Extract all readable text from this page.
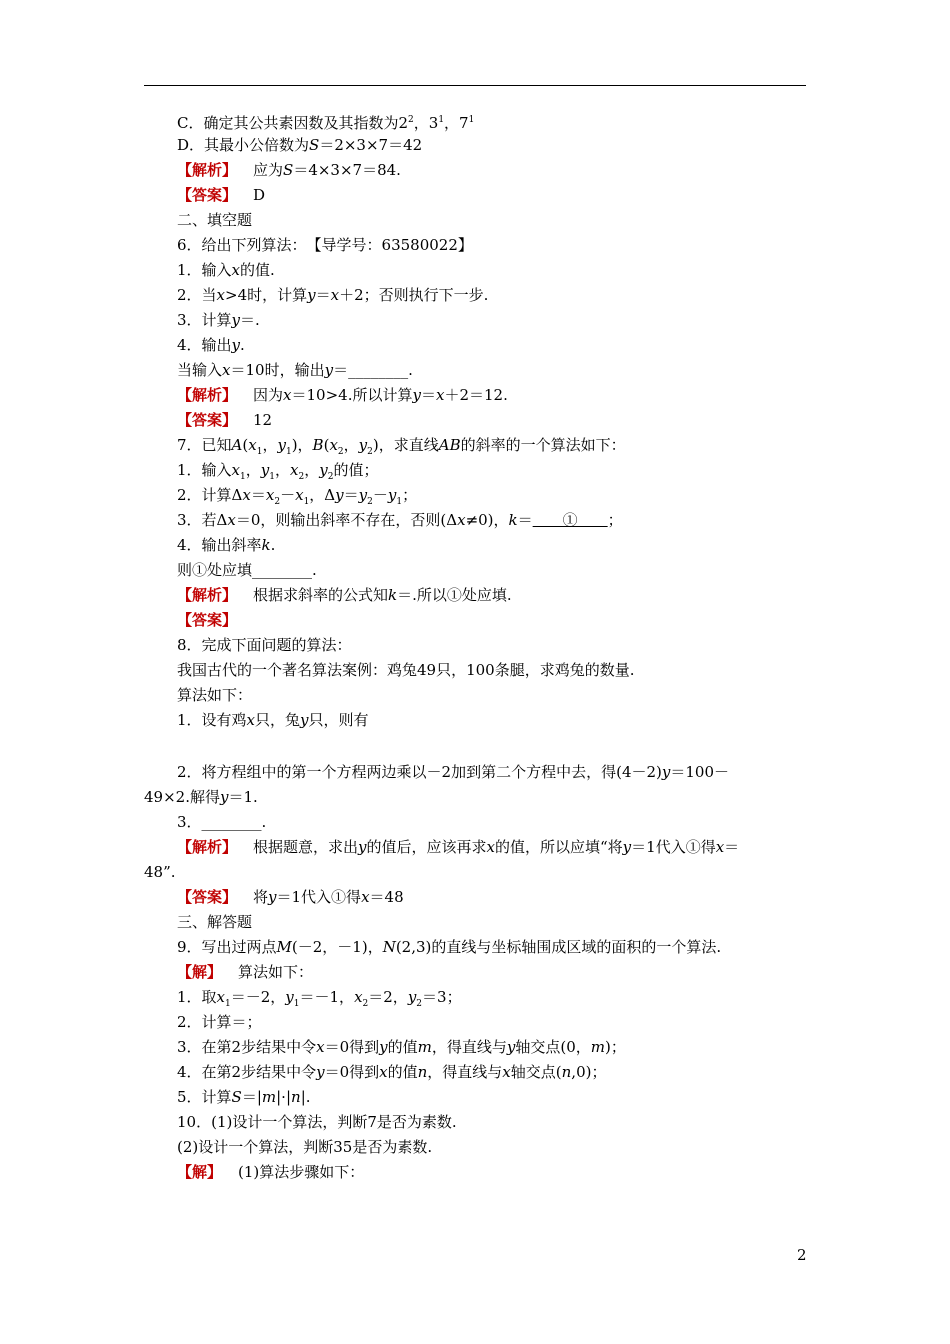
C．确定其公共素因数及其指数为$2^2$，$3^1$，$7^1$
D．其最小公倍数为S＝2×3×7＝42
【解析】 应为S＝4×3×7＝84.
【答案】 D
二、填空题
6．给出下列算法：　【导学号：63580022】
1．输入x的值.
2．当x>4时，计算y＝x＋2；否则执行下一步.
3．计算y＝.
4．输出y.
当输入x＝10时，输出y＝________.
【解析】 因为x＝10>4.所以计算y＝x＋2＝12.
【答案】 12
7．已知$A(x_1$，$y_1$)，$B(x_2$，$y_2$)，求直线AB的斜率的一个算法如下：
1．输入$x_1$，$y_1$，$x_2$，$y_2$的值；
2．计算$\Delta x=x_2-x_1$，$\Delta y=y_2-y_1$；
3．若Δx＝0，则输出斜率不存在，否则(Δx≠0)，k＝　　①　　；
4．输出斜率k.
则①处应填________.
【解析】 根据求斜率的公式知k＝.所以①处应填.
【答案】
8．完成下面问题的算法：
我国古代的一个著名算法案例：鸡兔49只，100条腿，求鸡兔的数量.
算法如下：
1．设有鸡x只，兔y只，则有
2．将方程组中的第一个方程两边乘以－2加到第二个方程中去，得(4－2)y＝100－
49×2.解得y＝1.
3．________.
【解析】 根据题意，求出y的值后，应该再求x的值，所以应填“将y＝1代入①得x＝
48”.
【答案】 将y＝1代入①得x＝48
三、解答题
9．写出过两点M(－2，－1)，N(2,3)的直线与坐标轴围成区域的面积的一个算法.
【解】 算法如下：
1．取$x_1=-2$，$y_1=-1$，$x_2=2$，$y_2=3$；
2．计算＝；
3．在第2步结果中令x＝0得到y的值m，得直线与y轴交点(0，m)；
4．在第2步结果中令y＝0得到x的值n，得直线与x轴交点(n,0)；
5．计算S＝|m|·|n|.
10．(1)设计一个算法，判断7是否为素数.
(2)设计一个算法，判断35是否为素数.
【解】 (1)算法步骤如下：
2
